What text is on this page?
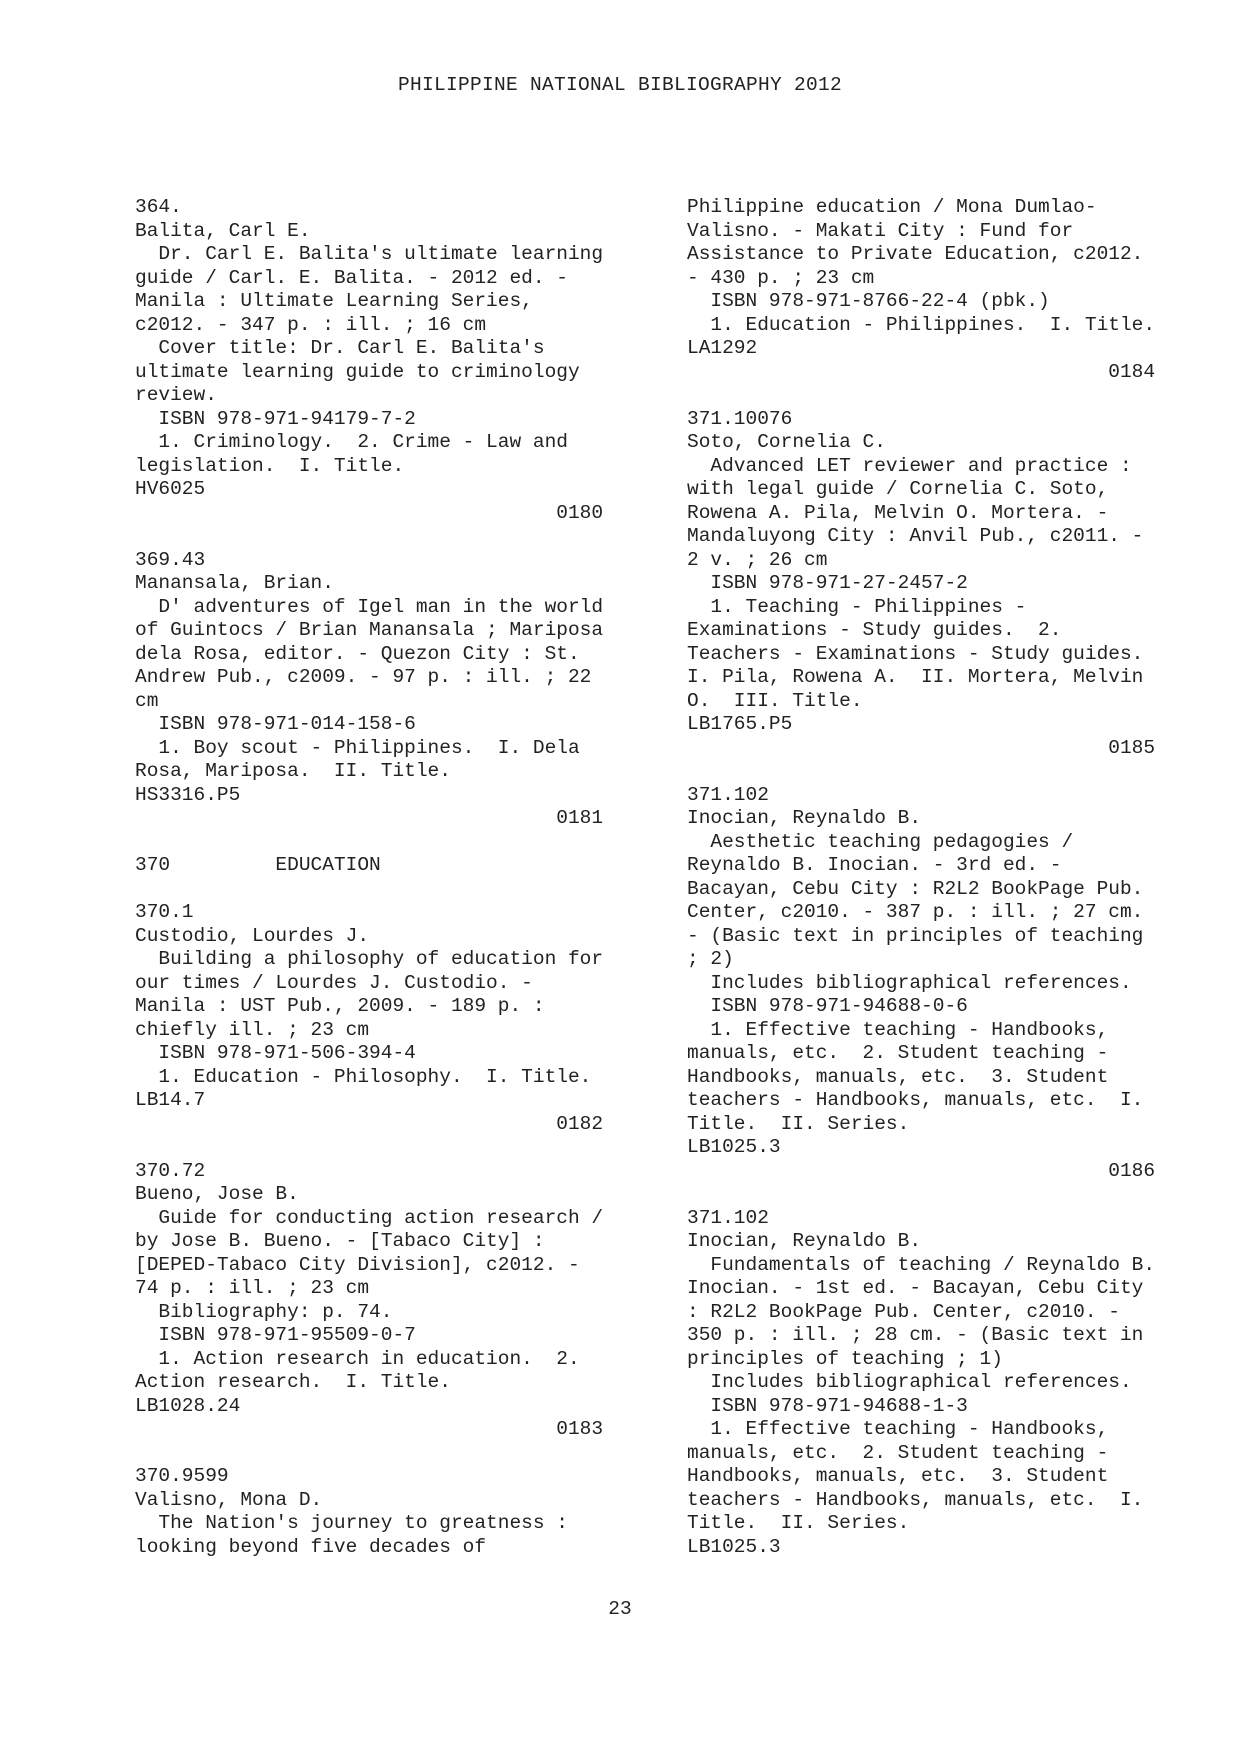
PHILIPPINE NATIONAL BIBLIOGRAPHY 2012
364.
Balita, Carl E.
Dr. Carl E. Balita's ultimate learning
guide / Carl. E. Balita. - 2012 ed. -
Manila : Ultimate Learning Series,
c2012. - 347 p. : ill. ; 16 cm
Cover title: Dr. Carl E. Balita's
ultimate learning guide to criminology
review.
ISBN 978-971-94179-7-2
1. Criminology.  2. Crime - Law and
legislation.  I. Title.
HV6025
0180
369.43
Manansala, Brian.
D' adventures of Igel man in the world
of Guintocs / Brian Manansala ; Mariposa
dela Rosa, editor. - Quezon City : St.
Andrew Pub., c2009. - 97 p. : ill. ; 22
cm
ISBN 978-971-014-158-6
1. Boy scout - Philippines.  I. Dela
Rosa, Mariposa.  II. Title.
HS3316.P5
0181
370         EDUCATION
370.1
Custodio, Lourdes J.
Building a philosophy of education for
our times / Lourdes J. Custodio. -
Manila : UST Pub., 2009. - 189 p. :
chiefly ill. ; 23 cm
ISBN 978-971-506-394-4
1. Education - Philosophy.  I. Title.
LB14.7
0182
370.72
Bueno, Jose B.
Guide for conducting action research /
by Jose B. Bueno. - [Tabaco City] :
[DEPED-Tabaco City Division], c2012. -
74 p. : ill. ; 23 cm
Bibliography: p. 74.
ISBN 978-971-95509-0-7
1. Action research in education.  2.
Action research.  I. Title.
LB1028.24
0183
370.9599
Valisno, Mona D.
The Nation's journey to greatness :
looking beyond five decades of
Philippine education / Mona Dumlao-
Valisno. - Makati City : Fund for
Assistance to Private Education, c2012.
- 430 p. ; 23 cm
ISBN 978-971-8766-22-4 (pbk.)
1. Education - Philippines.  I. Title.
LA1292
0184
371.10076
Soto, Cornelia C.
Advanced LET reviewer and practice :
with legal guide / Cornelia C. Soto,
Rowena A. Pila, Melvin O. Mortera. -
Mandaluyong City : Anvil Pub., c2011. -
2 v. ; 26 cm
ISBN 978-971-27-2457-2
1. Teaching - Philippines -
Examinations - Study guides.  2.
Teachers - Examinations - Study guides.
I. Pila, Rowena A.  II. Mortera, Melvin
O.  III. Title.
LB1765.P5
0185
371.102
Inocian, Reynaldo B.
Aesthetic teaching pedagogies /
Reynaldo B. Inocian. - 3rd ed. -
Bacayan, Cebu City : R2L2 BookPage Pub.
Center, c2010. - 387 p. : ill. ; 27 cm.
- (Basic text in principles of teaching
; 2)
Includes bibliographical references.
ISBN 978-971-94688-0-6
1. Effective teaching - Handbooks,
manuals, etc.  2. Student teaching -
Handbooks, manuals, etc.  3. Student
teachers - Handbooks, manuals, etc.  I.
Title.  II. Series.
LB1025.3
0186
371.102
Inocian, Reynaldo B.
Fundamentals of teaching / Reynaldo B.
Inocian. - 1st ed. - Bacayan, Cebu City
: R2L2 BookPage Pub. Center, c2010. -
350 p. : ill. ; 28 cm. - (Basic text in
principles of teaching ; 1)
Includes bibliographical references.
ISBN 978-971-94688-1-3
1. Effective teaching - Handbooks,
manuals, etc.  2. Student teaching -
Handbooks, manuals, etc.  3. Student
teachers - Handbooks, manuals, etc.  I.
Title.  II. Series.
LB1025.3
23
